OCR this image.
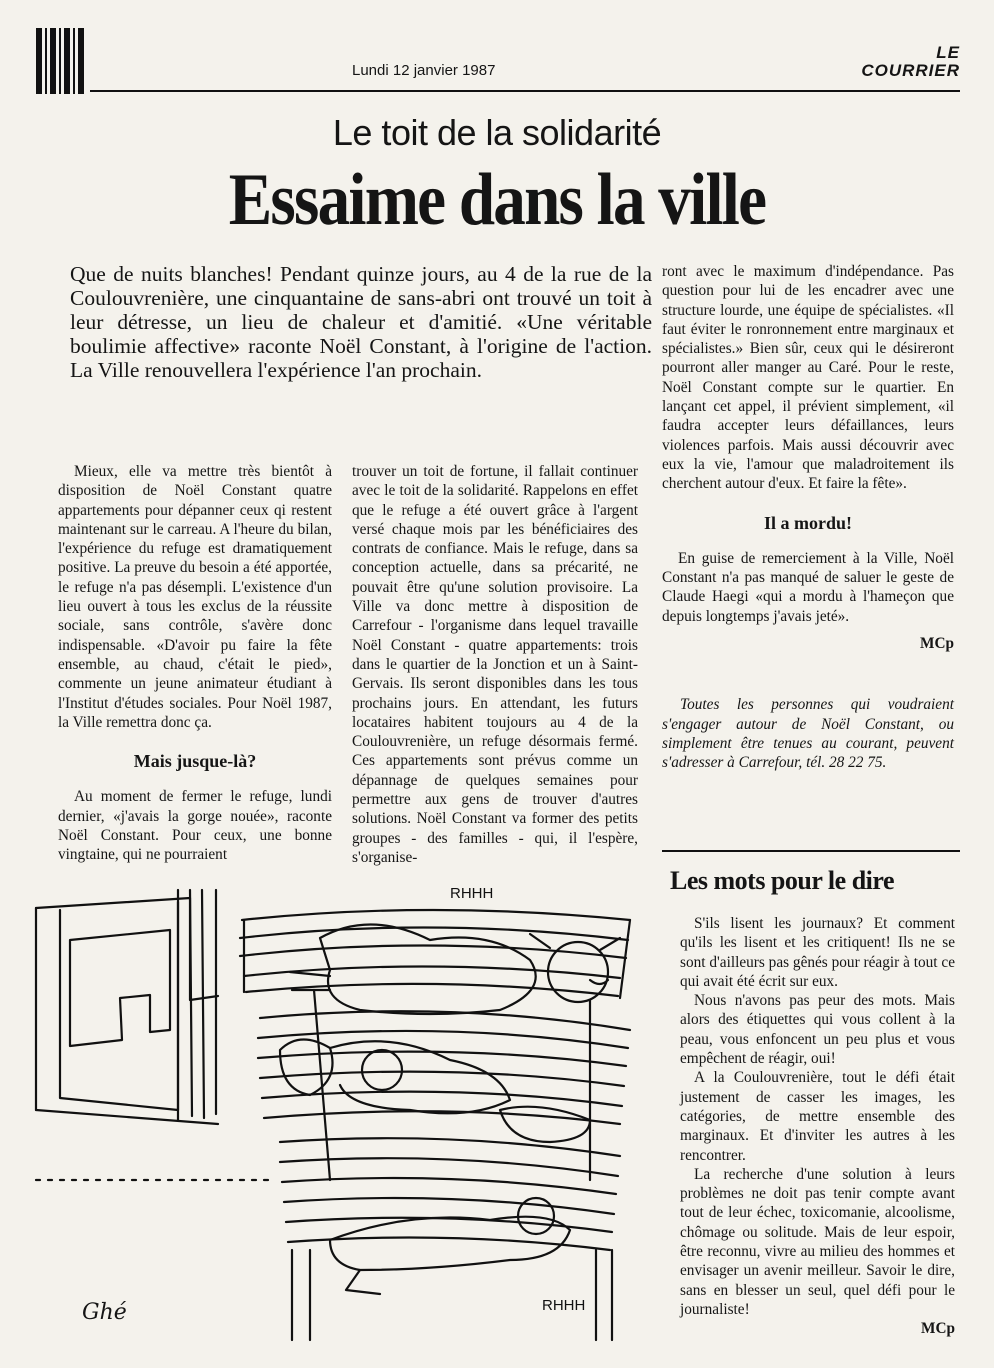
Lundi 12 janvier 1987
LE
COURRIER
Le toit de la solidarité
Essaime dans la ville
Que de nuits blanches! Pendant quinze jours, au 4 de la rue de la Coulouvrenière, une cinquantaine de sans-abri ont trouvé un toit à leur détresse, un lieu de chaleur et d'amitié. «Une véritable boulimie affective» raconte Noël Constant, à l'origine de l'action. La Ville renouvellera l'expérience l'an prochain.

Mieux, elle va mettre très bientôt à disposition de Noël Constant quatre appartements pour dépanner ceux qi restent maintenant sur le carreau. A l'heure du bilan, l'expérience du refuge est dramatiquement positive. La preuve du besoin a été apportée, le refuge n'a pas désempli. L'existence d'un lieu ouvert à tous les exclus de la réussite sociale, sans contrôle, s'avère donc indispensable. «D'avoir pu faire la fête ensemble, au chaud, c'était le pied», commente un jeune animateur étudiant à l'Institut d'études sociales. Pour Noël 1987, la Ville remettra donc ça.

Mais jusque-là?

Au moment de fermer le refuge, lundi dernier, «j'avais la gorge nouée», raconte Noël Constant. Pour ceux, une bonne vingtaine, qui ne pourraient

trouver un toit de fortune, il fallait continuer avec le toit de la solidarité. Rappelons en effet que le refuge a été ouvert grâce à l'argent versé chaque mois par les bénéficiaires des contrats de confiance. Mais le refuge, dans sa conception actuelle, dans sa précarité, ne pouvait être qu'une solution provisoire. La Ville va donc mettre à disposition de Carrefour - l'organisme dans lequel travaille Noël Constant - quatre appartements: trois dans le quartier de la Jonction et un à Saint-Gervais. Ils seront disponibles dans les tous prochains jours. En attendant, les futurs locataires habitent toujours au 4 de la Coulouvrenière, un refuge désormais fermé. Ces appartements sont prévus comme un dépannage de quelques semaines pour permettre aux gens de trouver d'autres solutions. Noël Constant va former des petits groupes - des familles - qui, il l'espère, s'organise-

ront avec le maximum d'indépendance. Pas question pour lui de les encadrer avec une structure lourde, une équipe de spécialistes. «Il faut éviter le ronronnement entre marginaux et spécialistes.» Bien sûr, ceux qui le désireront pourront aller manger au Caré. Pour le reste, Noël Constant compte sur le quartier. En lançant cet appel, il prévient simplement, «il faudra accepter leurs défaillances, leurs violences parfois. Mais aussi découvrir avec eux la vie, l'amour que maladroitement ils cherchent autour d'eux. Et faire la fête».

Il a mordu!

En guise de remerciement à la Ville, Noël Constant n'a pas manqué de saluer le geste de Claude Haegi «qui a mordu à l'hameçon que depuis longtemps j'avais jeté».

MCp

Toutes les personnes qui voudraient s'engager autour de Noël Constant, ou simplement être tenues au courant, peuvent s'adresser à Carrefour, tél. 28 22 75.

Les mots pour le dire

S'ils lisent les journaux? Et comment qu'ils les lisent et les critiquent! Ils ne se sont d'ailleurs pas gênés pour réagir à tout ce qui avait été écrit sur eux.

Nous n'avons pas peur des mots. Mais alors des étiquettes qui vous collent à la peau, vous enfoncent un peu plus et vous empêchent de réagir, oui!

A la Coulouvrenière, tout le défi était justement de casser les images, les catégories, de mettre ensemble des marginaux. Et d'inviter les autres à les rencontrer.

La recherche d'une solution à leurs problèmes ne doit pas tenir compte avant tout de leur échec, toxicomanie, alcoolisme, chômage ou solitude. Mais de leur espoir, être reconnu, vivre au milieu des hommes et envisager un avenir meilleur. Savoir le dire, sans en blesser un seul, quel défi pour le journaliste!

MCp
RHHH
RHHH
Ghé
